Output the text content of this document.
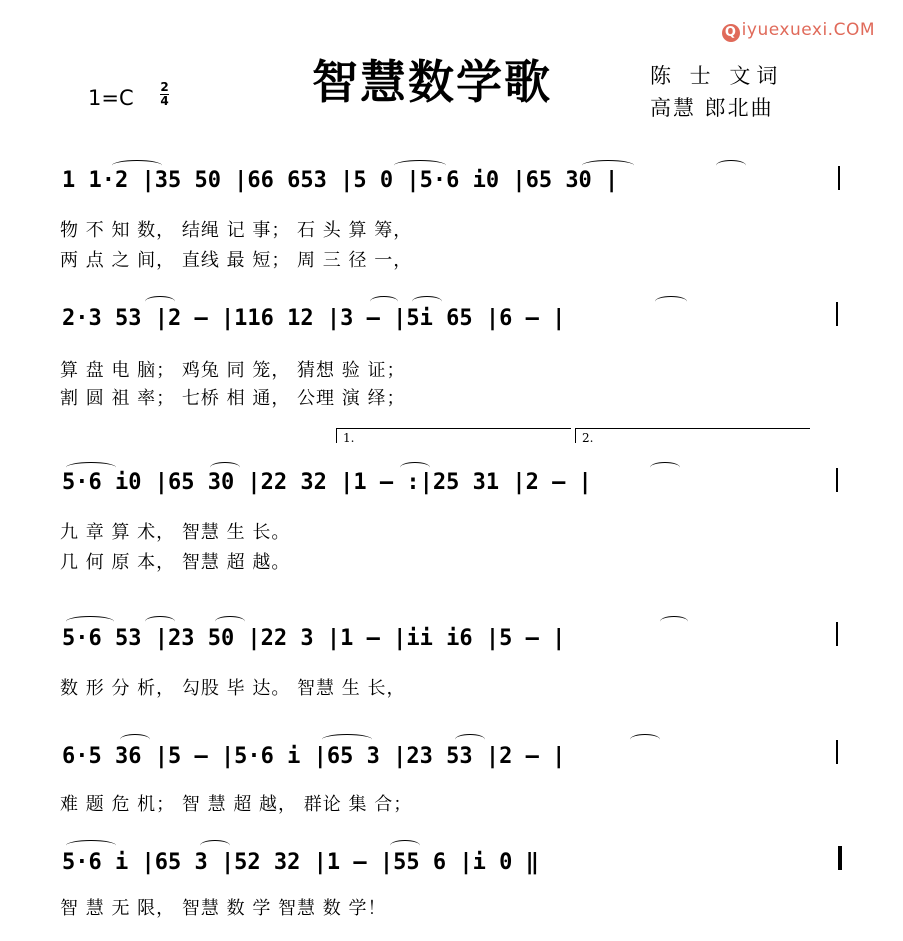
Q iyuexuexi.COM
智慧数学歌	陈 士 文词
高慧 郎北曲
1=C 2
4
1 1·2 |35 50 |66 653 |5 0 |5·6 i0 |65 30 |
物 不 知 数， 结绳 记 事； 石 头 算 筹，
两 点 之 间， 直线 最 短； 周 三 径 一，
2·3 53 |2 – |116 12 |3 – |5i 65 |6 – |
算 盘 电 脑； 鸡兔 同 笼， 猜想 验 证；
割 圆 祖 率； 七桥 相 通， 公理 演 绎；
1.	2.
5·6 i0 |65 30 |22 32 |1 – :|25 31 |2 – |
九 章 算 术， 智慧 生 长。
几 何 原 本， 智慧 超 越。
5·6 53 |23 50 |22 3 |1 – |ii i6 |5 – |
数 形 分 析， 勾股 毕 达。 智慧 生 长，
6·5 36 |5 – |5·6 i |65 3 |23 53 |2 – |
难 题 危 机； 智 慧 超 越， 群论 集 合；
5·6 i |65 3 |52 32 |1 – |55 6 |i 0 ‖
智 慧 无 限， 智慧 数 学 智慧 数 学！
